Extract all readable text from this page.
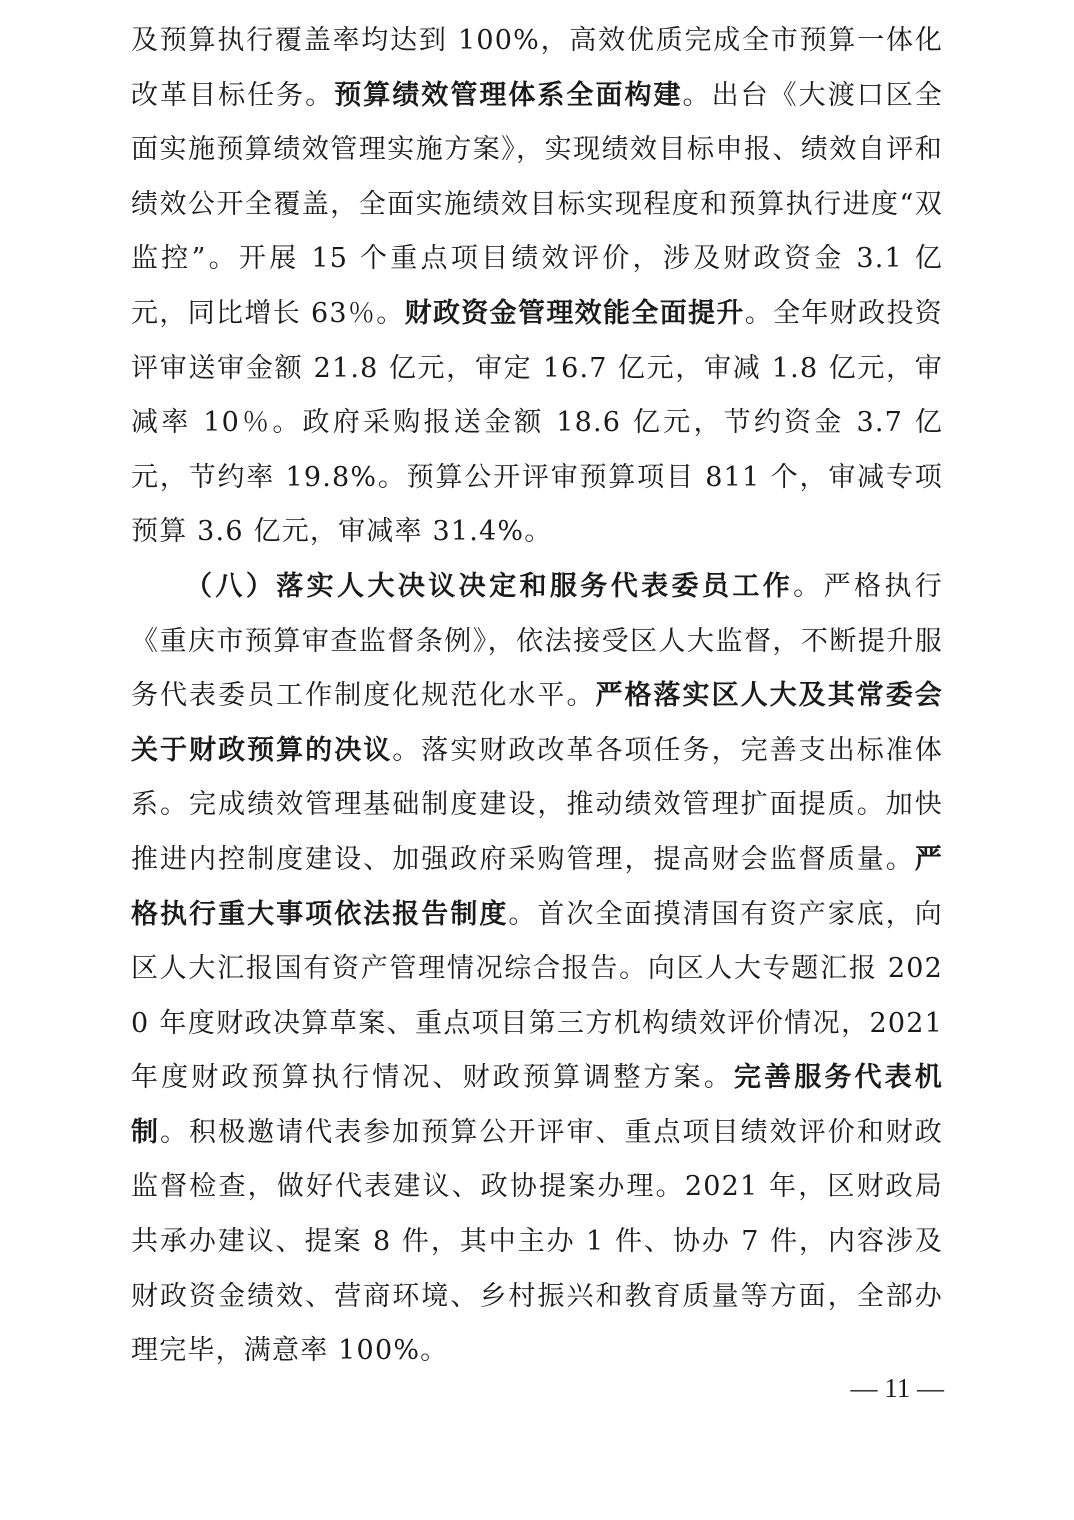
及预算执行覆盖率均达到 100%，高效优质完成全市预算一体化改革目标任务。预算绩效管理体系全面构建。出台《大渡口区全面实施预算绩效管理实施方案》，实现绩效目标申报、绩效自评和绩效公开全覆盖，全面实施绩效目标实现程度和预算执行进度“双监控”。开展 15 个重点项目绩效评价，涉及财政资金 3.1 亿元，同比增长 63％。财政资金管理效能全面提升。全年财政投资评审送审金额 21.8 亿元，审定 16.7 亿元，审减 1.8 亿元，审减率 10％。政府采购报送金额 18.6 亿元，节约资金 3.7 亿元，节约率 19.8%。预算公开评审预算项目 811 个，审减专项预算 3.6 亿元，审减率 31.4%。

（八）落实人大决议决定和服务代表委员工作。严格执行《重庆市预算审查监督条例》，依法接受区人大监督，不断提升服务代表委员工作制度化规范化水平。严格落实区人大及其常委会关于财政预算的决议。落实财政改革各项任务，完善支出标准体系。完成绩效管理基础制度建设，推动绩效管理扩面提质。加快推进内控制度建设、加强政府采购管理，提高财会监督质量。严格执行重大事项依法报告制度。首次全面摸清国有资产家底，向区人大汇报国有资产管理情况综合报告。向区人大专题汇报 2020 年度财政决算草案、重点项目第三方机构绩效评价情况，2021 年度财政预算执行情况、财政预算调整方案。完善服务代表机制。积极邀请代表参加预算公开评审、重点项目绩效评价和财政监督检查，做好代表建议、政协提案办理。2021 年，区财政局共承办建议、提案 8 件，其中主办 1 件、协办 7 件，内容涉及财政资金绩效、营商环境、乡村振兴和教育质量等方面，全部办理完毕，满意率 100%。

— 11 —
